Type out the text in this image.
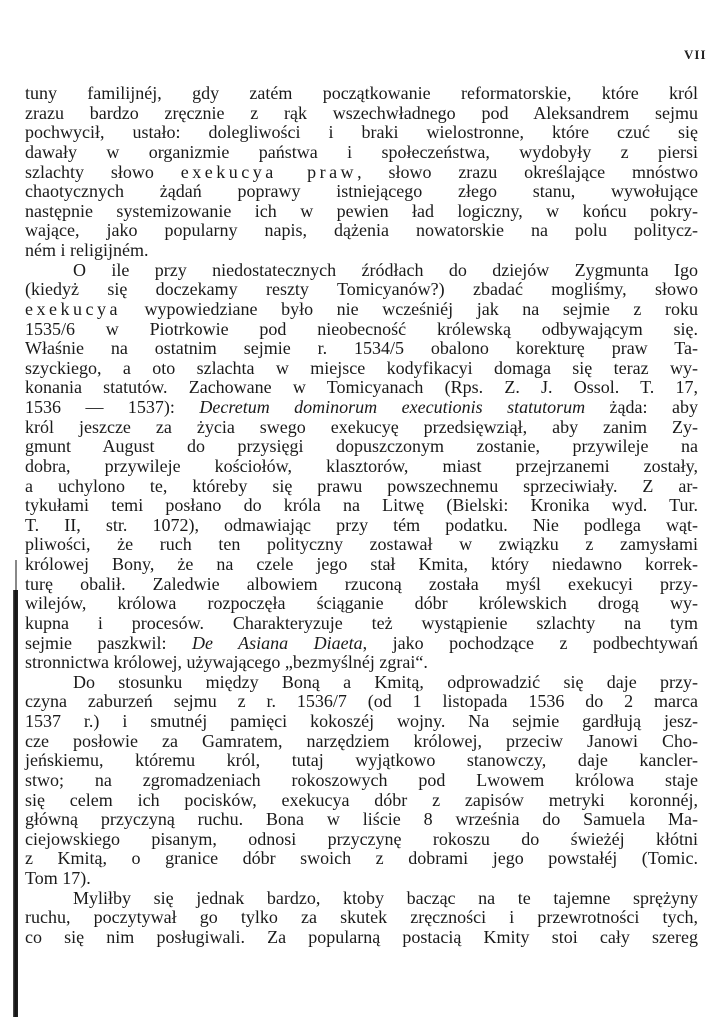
VII
tuny familijnéj, gdy zatém początkowanie reformatorskie, które król
zrazu bardzo zręcznie z rąk wszechwładnego pod Aleksandrem sejmu
pochwycił, ustało: dolegliwości i braki wielostronne, które czuć się
dawały w organizmie państwa i społeczeństwa, wydobyły z piersi
szlachty słowo exekucya praw, słowo zrazu określające mnóstwo
chaotycznych żądań poprawy istniejącego złego stanu, wywołujące
następnie systemizowanie ich w pewien ład logiczny, w końcu pokry-
wające, jako popularny napis, dążenia nowatorskie na polu politycz-
ném i religijném.
O ile przy niedostatecznych źródłach do dziejów Zygmunta Igo
(kiedyż się doczekamy reszty Tomicyanów?) zbadać mogliśmy, słowo
exekucya wypowiedziane było nie wcześniéj jak na sejmie z roku
1535/6 w Piotrkowie pod nieobecność królewską odbywającym się.
Właśnie na ostatnim sejmie r. 1534/5 obalono korekturę praw Ta-
szyckiego, a oto szlachta w miejsce kodyfikacyi domaga się teraz wy-
konania statutów. Zachowane w Tomicyanach (Rps. Z. J. Ossol. T. 17,
1536 — 1537): Decretum dominorum executionis statutorum żąda: aby
król jeszcze za życia swego exekucyę przedsięwziął, aby zanim Zy-
gmunt August do przysięgi dopuszczonym zostanie, przywileje na
dobra, przywileje kościołów, klasztorów, miast przejrzanemi zostały,
a uchylono te, któreby się prawu powszechnemu sprzeciwiały. Z ar-
tykułami temi posłano do króla na Litwę (Bielski: Kronika wyd. Tur.
T. II, str. 1072), odmawiając przy tém podatku. Nie podlega wąt-
pliwości, że ruch ten polityczny zostawał w związku z zamysłami
królowej Bony, że na czele jego stał Kmita, który niedawno korrek-
turę obalił. Zaledwie albowiem rzuconą została myśl exekucyi przy-
wilejów, królowa rozpoczęła ściąganie dóbr królewskich drogą wy-
kupna i procesów. Charakteryzuje też wystąpienie szlachty na tym
sejmie paszkwil: De Asiana Diaeta, jako pochodzące z podbechtywań
stronnictwa królowej, używającego „bezmyślnéj zgrai“.
Do stosunku między Boną a Kmitą, odprowadzić się daje przy-
czyna zaburzeń sejmu z r. 1536/7 (od 1 listopada 1536 do 2 marca
1537 r.) i smutnéj pamięci kokoszéj wojny. Na sejmie gardłują jesz-
cze posłowie za Gamratem, narzędziem królowej, przeciw Janowi Cho-
jeńskiemu, któremu król, tutaj wyjątkowo stanowczy, daje kancler-
stwo; na zgromadzeniach rokoszowych pod Lwowem królowa staje
się celem ich pocisków, exekucya dóbr z zapisów metryki koronnéj,
główną przyczyną ruchu. Bona w liście 8 września do Samuela Ma-
ciejowskiego pisanym, odnosi przyczynę rokoszu do świeżéj kłótni
z Kmitą, o granice dóbr swoich z dobrami jego powstałéj (Tomic.
Tom 17).
Myliłby się jednak bardzo, ktoby bacząc na te tajemne sprężyny
ruchu, poczytywał go tylko za skutek zręczności i przewrotności tych,
co się nim posługiwali. Za popularną postacią Kmity stoi cały szereg
